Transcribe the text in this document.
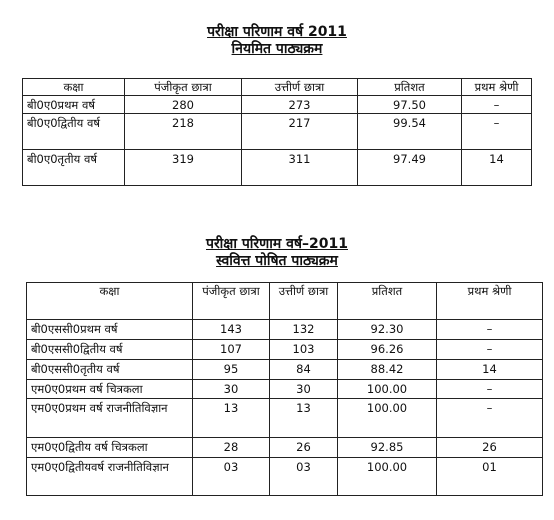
परीक्षा परिणाम वर्ष 2011
नियमित पाठ्यक्रम
कक्षा	पंजीकृत छात्रा	उत्तीर्ण छात्रा	प्रतिशत	प्रथम श्रेणी
बी0ए0प्रथम वर्ष	280	273	97.50	–
बी0ए0द्वितीय वर्ष	218	217	99.54	–
बी0ए0तृतीय वर्ष	319	311	97.49	14
परीक्षा परिणाम वर्ष–2011
स्ववित्त पोषित पाठ्यक्रम
कक्षा	पंजीकृत छात्रा	उत्तीर्ण छात्रा	प्रतिशत	प्रथम श्रेणी
बी0एससी0प्रथम वर्ष	143	132	92.30	–
बी0एससी0द्वितीय वर्ष	107	103	96.26	–
बी0एससी0तृतीय वर्ष	95	84	88.42	14
एम0ए0प्रथम वर्ष चित्रकला	30	30	100.00	–
एम0ए0प्रथम वर्ष राजनीतिविज्ञान	13	13	100.00	–
एम0ए0द्वितीय वर्ष चित्रकला	28	26	92.85	26
एम0ए0द्वितीयवर्ष राजनीतिविज्ञान	03	03	100.00	01
